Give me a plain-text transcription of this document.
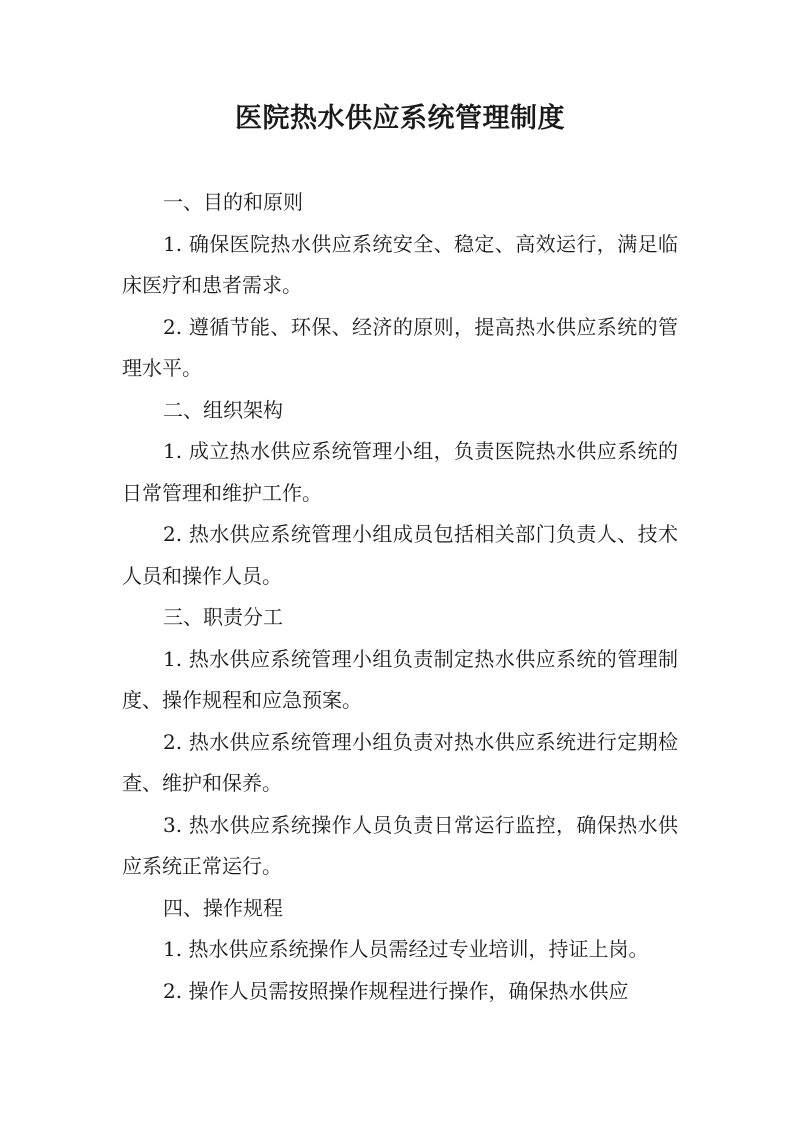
医院热水供应系统管理制度

一、目的和原则

1. 确保医院热水供应系统安全、稳定、高效运行，满足临床医疗和患者需求。

2. 遵循节能、环保、经济的原则，提高热水供应系统的管理水平。

二、组织架构

1. 成立热水供应系统管理小组，负责医院热水供应系统的日常管理和维护工作。

2. 热水供应系统管理小组成员包括相关部门负责人、技术人员和操作人员。

三、职责分工

1. 热水供应系统管理小组负责制定热水供应系统的管理制度、操作规程和应急预案。

2. 热水供应系统管理小组负责对热水供应系统进行定期检查、维护和保养。

3. 热水供应系统操作人员负责日常运行监控，确保热水供应系统正常运行。

四、操作规程

1. 热水供应系统操作人员需经过专业培训，持证上岗。

2. 操作人员需按照操作规程进行操作，确保热水供应
